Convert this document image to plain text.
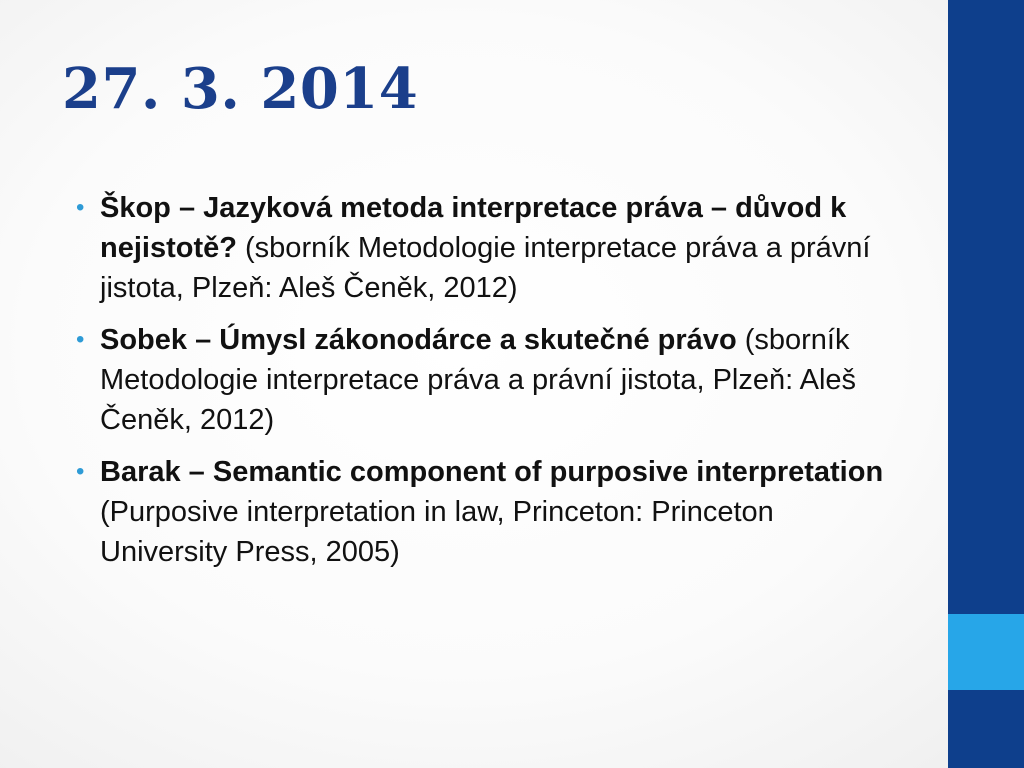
27. 3. 2014
• Škop – Jazyková metoda interpretace práva – důvod k nejistotě? (sborník Metodologie interpretace práva a právní jistota, Plzeň: Aleš Čeněk, 2012)
• Sobek – Úmysl zákonodárce a skutečné právo (sborník Metodologie interpretace práva a právní jistota, Plzeň: Aleš Čeněk, 2012)
• Barak – Semantic component of purposive interpretation (Purposive interpretation in law, Princeton: Princeton University Press, 2005)
